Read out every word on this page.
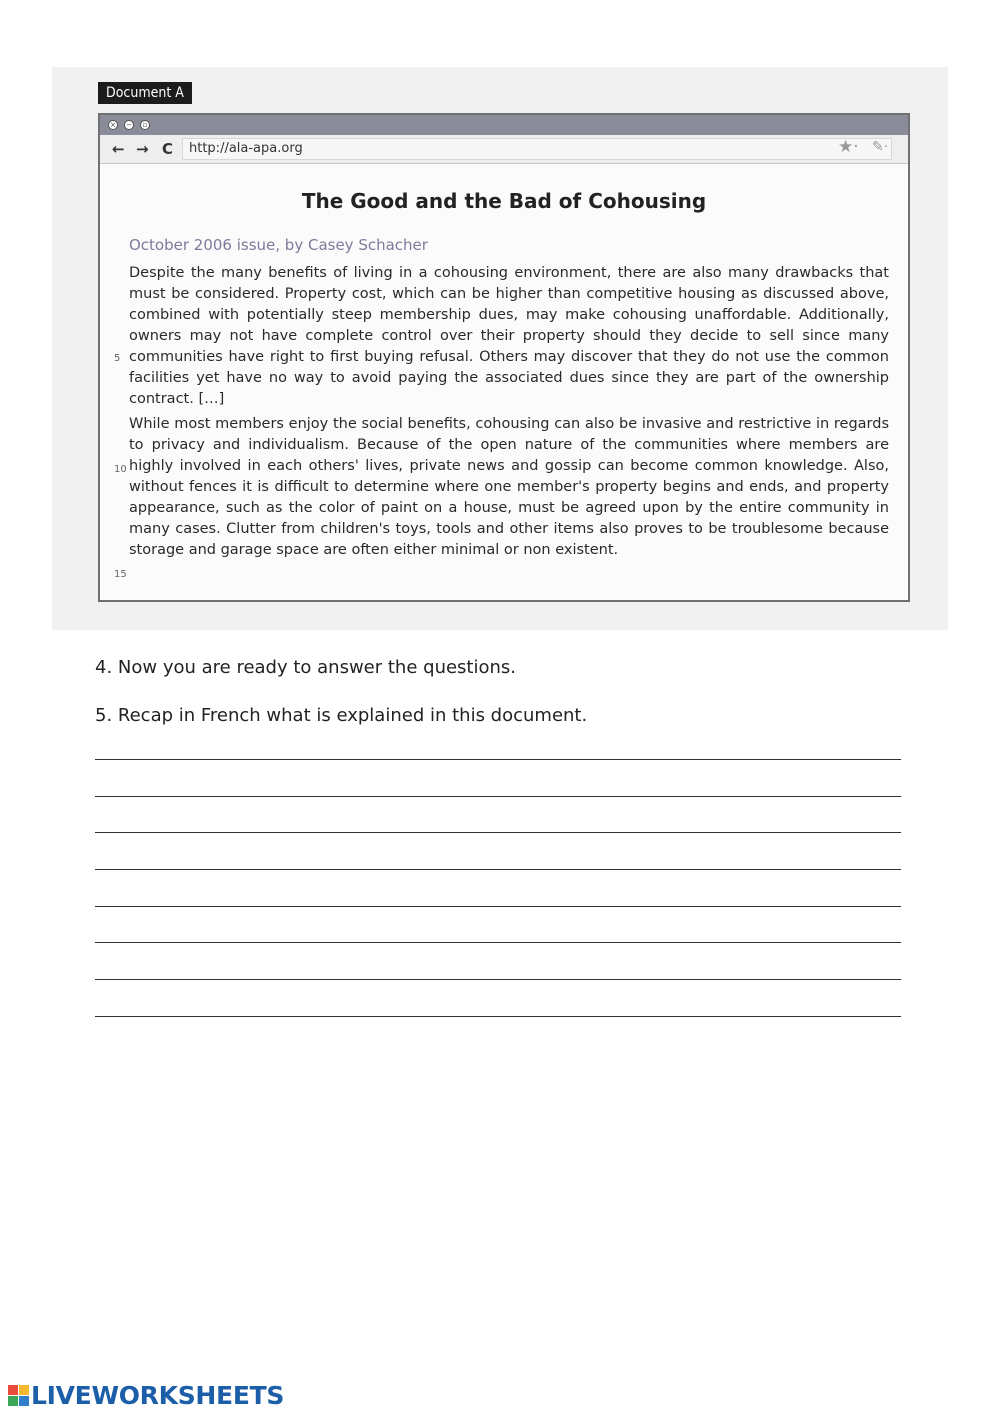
Document A
× −	▫
← → C	http://ala-apa.org	★· ✎·
The Good and the Bad of Cohousing
October 2006 issue, by Casey Schacher
Despite the many benefits of living in a cohousing environment, there are also many drawbacks that must be considered. Property cost, which can be higher than competitive housing as discussed above, combined with potentially steep membership dues, may make cohousing unaffordable. Additionally, owners may not have complete control over their property should they decide to sell since many communities have right to first buying refusal. Others may discover that they do not use the common facilities yet have no way to avoid paying the associated dues since they are part of the ownership contract. […]
While most members enjoy the social benefits, cohousing can also be invasive and restrictive in regards to privacy and individualism. Because of the open nature of the communities where members are highly involved in each others' lives, private news and gossip can become common knowledge. Also, without fences it is difficult to determine where one member's property begins and ends, and property appearance, such as the color of paint on a house, must be agreed upon by the entire community in many cases. Clutter from children's toys, tools and other items also proves to be troublesome because storage and garage space are often either minimal or non existent.
5
10
15
4. Now you are ready to answer the questions.
5. Recap in French what is explained in this document.
LIVEWORKSHEETS
